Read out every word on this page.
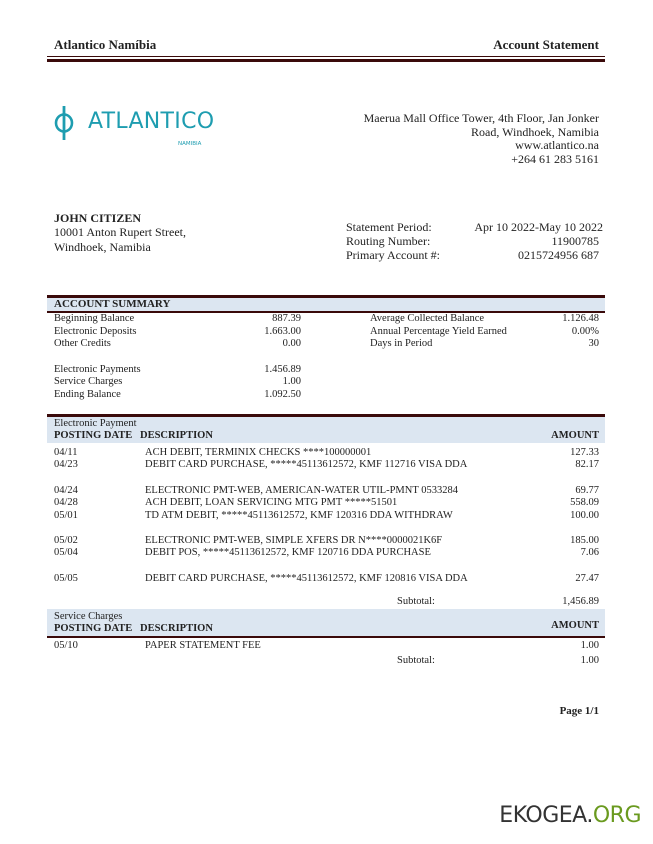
Atlantico Namíbia	Account Statement
ATLANTICO
NAMIBIA
Maerua Mall Office Tower, 4th Floor, Jan Jonker
Road, Windhoek, Namibia
www.atlantico.na
+264 61 283 5161
JOHN CITIZEN
10001 Anton Rupert Street,
Windhoek, Namibia
Statement Period:	Apr 10 2022-May 10 2022
Routing Number:	11900785
Primary Account #:	0215724956 687
ACCOUNT SUMMARY
Beginning Balance	887.39
Electronic Deposits	1.663.00
Other Credits	0.00
Electronic Payments	1.456.89
Service Charges	1.00
Ending Balance	1.092.50
Average Collected Balance	1.126.48
Annual Percentage Yield Earned	0.00%
Days in Period	30
Electronic Payment
POSTING DATE DESCRIPTION	AMOUNT
04/11	ACH DEBIT, TERMINIX CHECKS ****100000001	127.33
04/23	DEBIT CARD PURCHASE, *****45113612572, KMF 112716 VISA DDA	82.17
04/24	ELECTRONIC PMT-WEB, AMERICAN-WATER UTIL-PMNT 0533284	69.77
04/28	ACH DEBIT, LOAN SERVICING MTG PMT *****51501	558.09
05/01	TD ATM DEBIT, *****45113612572, KMF 120316 DDA WITHDRAW	100.00
05/02	ELECTRONIC PMT-WEB, SIMPLE XFERS DR N****0000021K6F	185.00
05/04	DEBIT POS, *****45113612572, KMF 120716 DDA PURCHASE	7.06
05/05	DEBIT CARD PURCHASE, *****45113612572, KMF 120816 VISA DDA	27.47
Subtotal:	1,456.89
Service Charges
POSTING DATE DESCRIPTION	AMOUNT
05/10	PAPER STATEMENT FEE	1.00
Subtotal:	1.00
Page 1/1
EKOGEA.ORG
